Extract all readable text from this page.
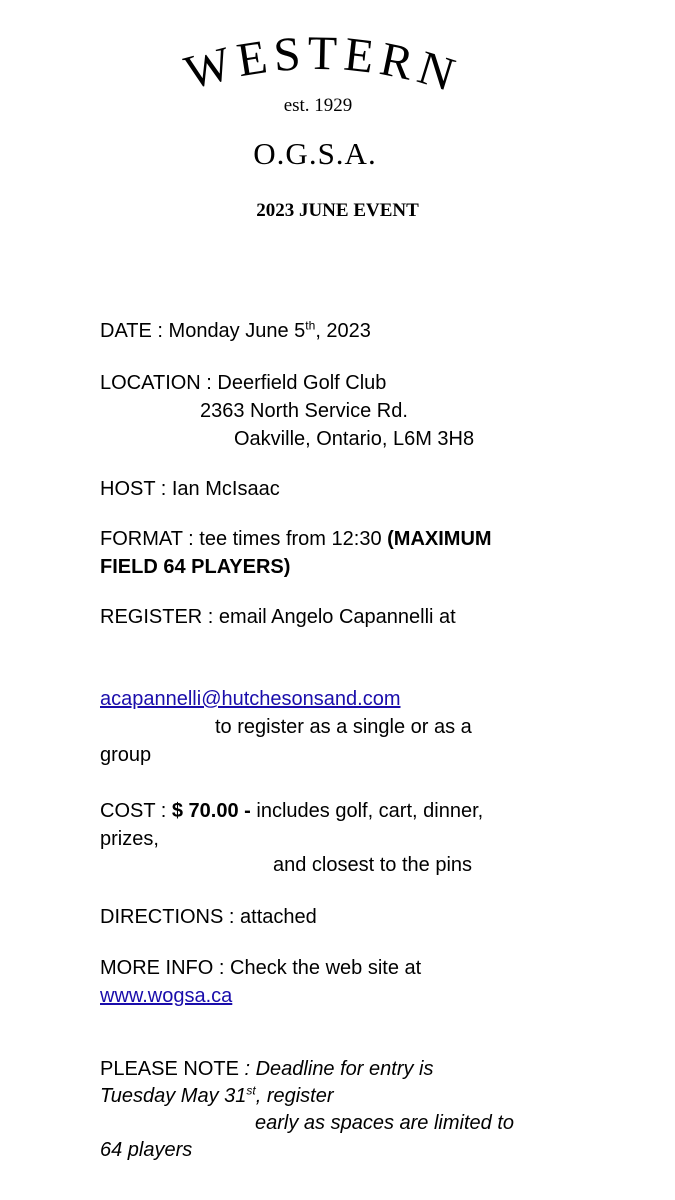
WESTERN
est. 1929
O.G.S.A.
2023 JUNE EVENT
DATE : Monday June 5th, 2023
LOCATION : Deerfield Golf Club
2363 North Service Rd.
Oakville, Ontario, L6M 3H8
HOST : Ian McIsaac
FORMAT : tee times from 12:30 (MAXIMUM
FIELD 64 PLAYERS)
REGISTER : email Angelo Capannelli at
acapannelli@hutchesonsand.com
to register as a single or as a
group
COST : $ 70.00 - includes golf, cart, dinner,
prizes,
and closest to the pins
DIRECTIONS : attached
MORE INFO : Check the web site at
www.wogsa.ca
PLEASE NOTE : Deadline for entry is
Tuesday May 31st, register
early as spaces are limited to
64 players
